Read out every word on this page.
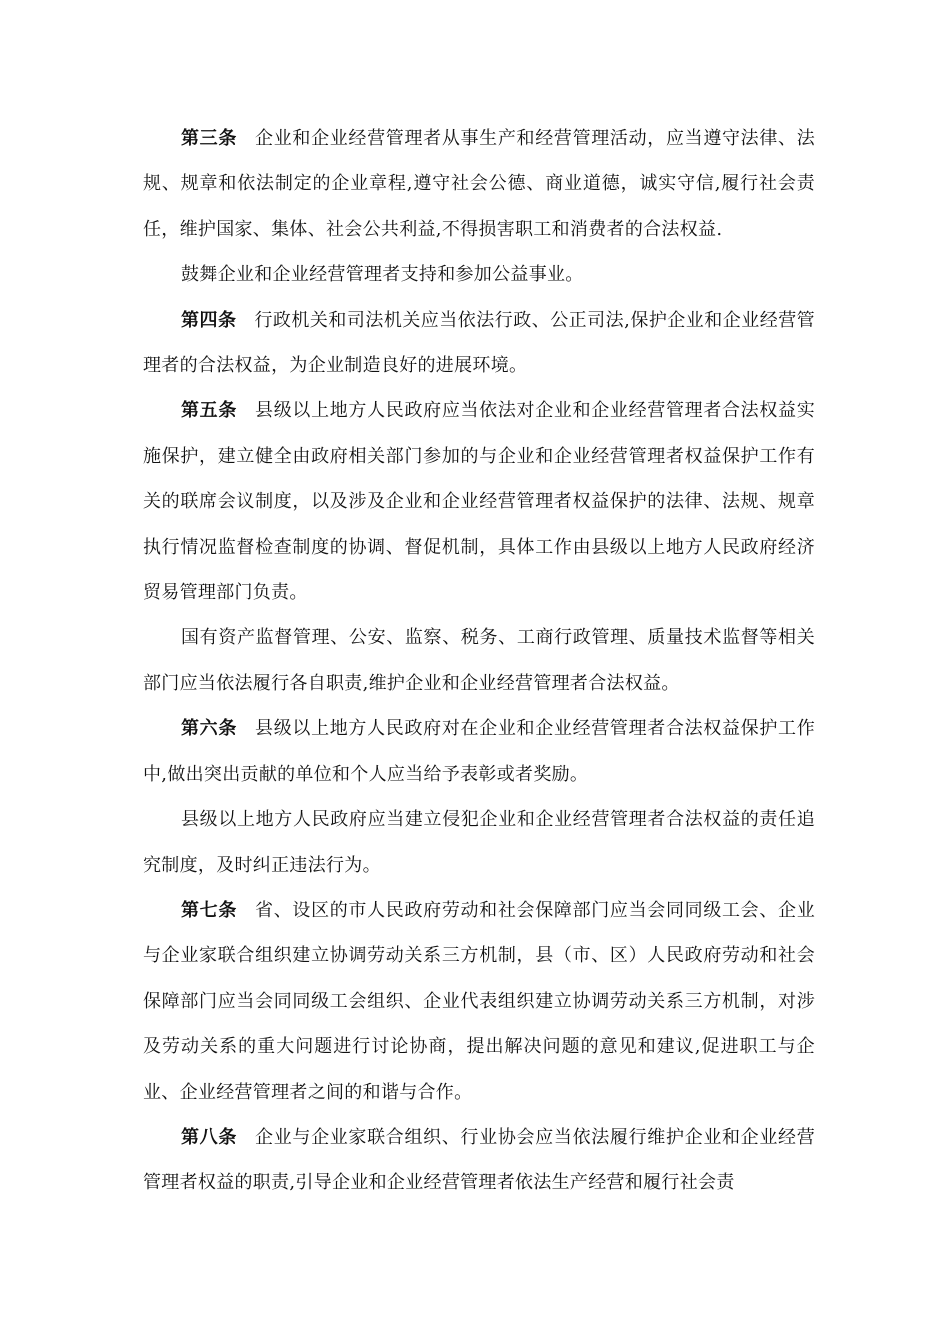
第三条 企业和企业经营管理者从事生产和经营管理活动，应当遵守法律、法规、规章和依法制定的企业章程,遵守社会公德、商业道德，诚实守信,履行社会责任，维护国家、集体、社会公共利益,不得损害职工和消费者的合法权益.

鼓舞企业和企业经营管理者支持和参加公益事业。

第四条 行政机关和司法机关应当依法行政、公正司法,保护企业和企业经营管理者的合法权益，为企业制造良好的进展环境。

第五条 县级以上地方人民政府应当依法对企业和企业经营管理者合法权益实施保护，建立健全由政府相关部门参加的与企业和企业经营管理者权益保护工作有关的联席会议制度，以及涉及企业和企业经营管理者权益保护的法律、法规、规章执行情况监督检查制度的协调、督促机制，具体工作由县级以上地方人民政府经济贸易管理部门负责。

国有资产监督管理、公安、监察、税务、工商行政管理、质量技术监督等相关部门应当依法履行各自职责,维护企业和企业经营管理者合法权益。

第六条 县级以上地方人民政府对在企业和企业经营管理者合法权益保护工作中,做出突出贡献的单位和个人应当给予表彰或者奖励。

县级以上地方人民政府应当建立侵犯企业和企业经营管理者合法权益的责任追究制度，及时纠正违法行为。

第七条 省、设区的市人民政府劳动和社会保障部门应当会同同级工会、企业与企业家联合组织建立协调劳动关系三方机制，县（市、区）人民政府劳动和社会保障部门应当会同同级工会组织、企业代表组织建立协调劳动关系三方机制，对涉及劳动关系的重大问题进行讨论协商，提出解决问题的意见和建议,促进职工与企业、企业经营管理者之间的和谐与合作。

第八条 企业与企业家联合组织、行业协会应当依法履行维护企业和企业经营管理者权益的职责,引导企业和企业经营管理者依法生产经营和履行社会责
